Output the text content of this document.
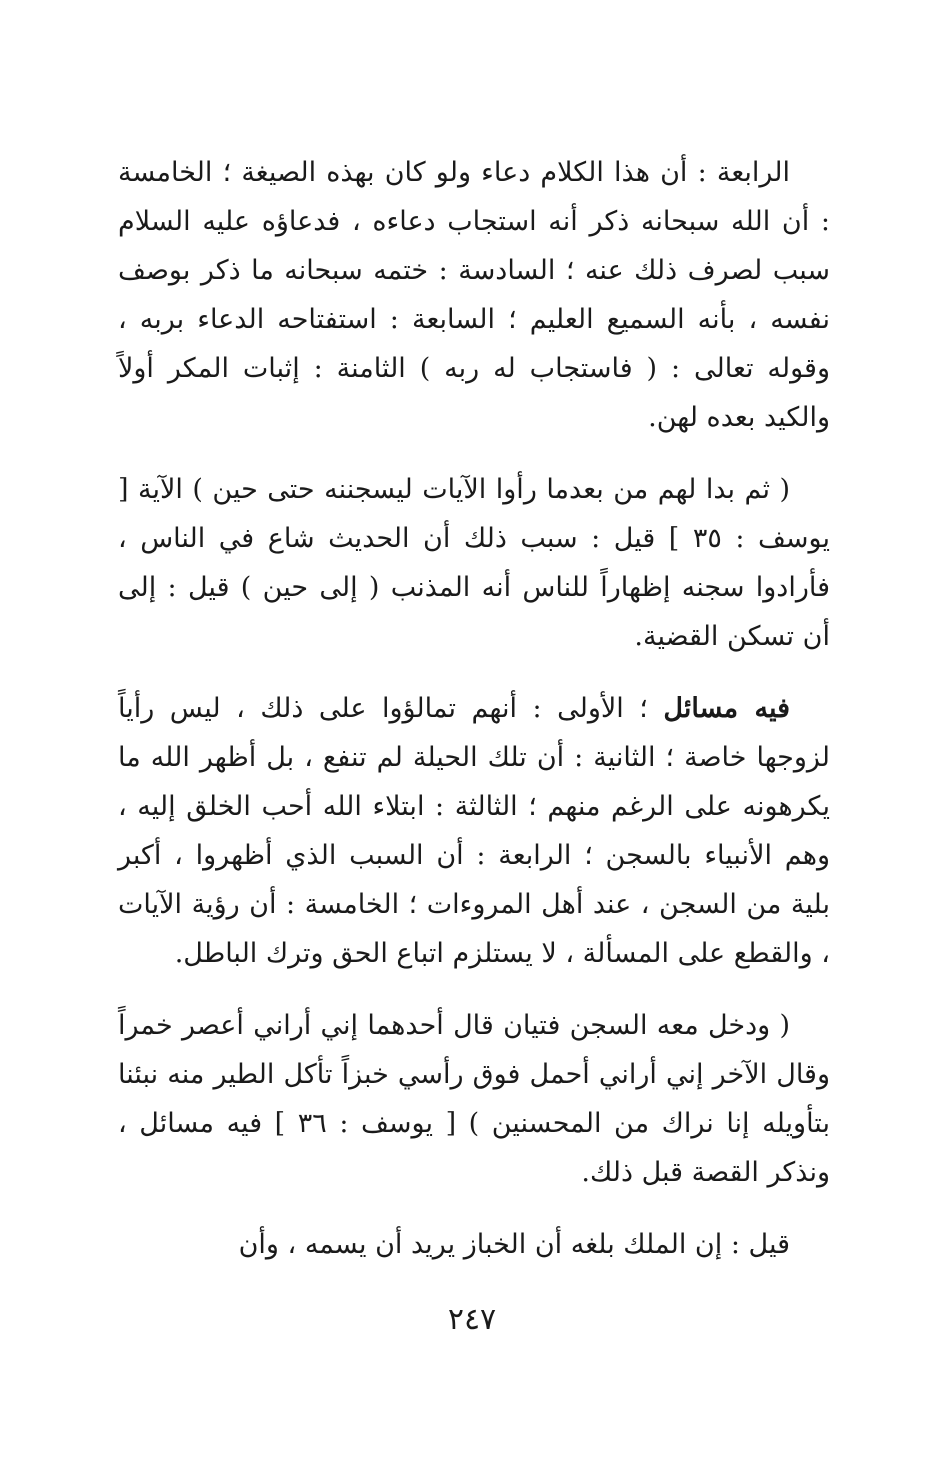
الرابعة : أن هذا الكلام دعاء ولو كان بهذه الصيغة ؛ الخامسة : أن الله سبحانه ذكر أنه استجاب دعاءه ، فدعاؤه عليه السلام سبب لصرف ذلك عنه ؛ السادسة : ختمه سبحانه ما ذكر بوصف نفسه ، بأنه السميع العليم ؛ السابعة : استفتاحه الدعاء بربه ، وقوله تعالى : ( فاستجاب له ربه ) الثامنة : إثبات المكر أولاً والكيد بعده لهن.

( ثم بدا لهم من بعدما رأوا الآيات ليسجننه حتى حين ) الآية [ يوسف : ٣٥ ] قيل : سبب ذلك أن الحديث شاع في الناس ، فأرادوا سجنه إظهاراً للناس أنه المذنب ( إلى حين ) قيل : إلى أن تسكن القضية.

فيه مسائل ؛ الأولى : أنهم تمالؤوا على ذلك ، ليس رأياً لزوجها خاصة ؛ الثانية : أن تلك الحيلة لم تنفع ، بل أظهر الله ما يكرهونه على الرغم منهم ؛ الثالثة : ابتلاء الله أحب الخلق إليه ، وهم الأنبياء بالسجن ؛ الرابعة : أن السبب الذي أظهروا ، أكبر بلية من السجن ، عند أهل المروءات ؛ الخامسة : أن رؤية الآيات ، والقطع على المسألة ، لا يستلزم اتباع الحق وترك الباطل.

( ودخل معه السجن فتيان قال أحدهما إني أراني أعصر خمراً وقال الآخر إني أراني أحمل فوق رأسي خبزاً تأكل الطير منه نبئنا بتأويله إنا نراك من المحسنين ) [ يوسف : ٣٦ ] فيه مسائل ، ونذكر القصة قبل ذلك.

قيل : إن الملك بلغه أن الخباز يريد أن يسمه ، وأن

٢٤٧
